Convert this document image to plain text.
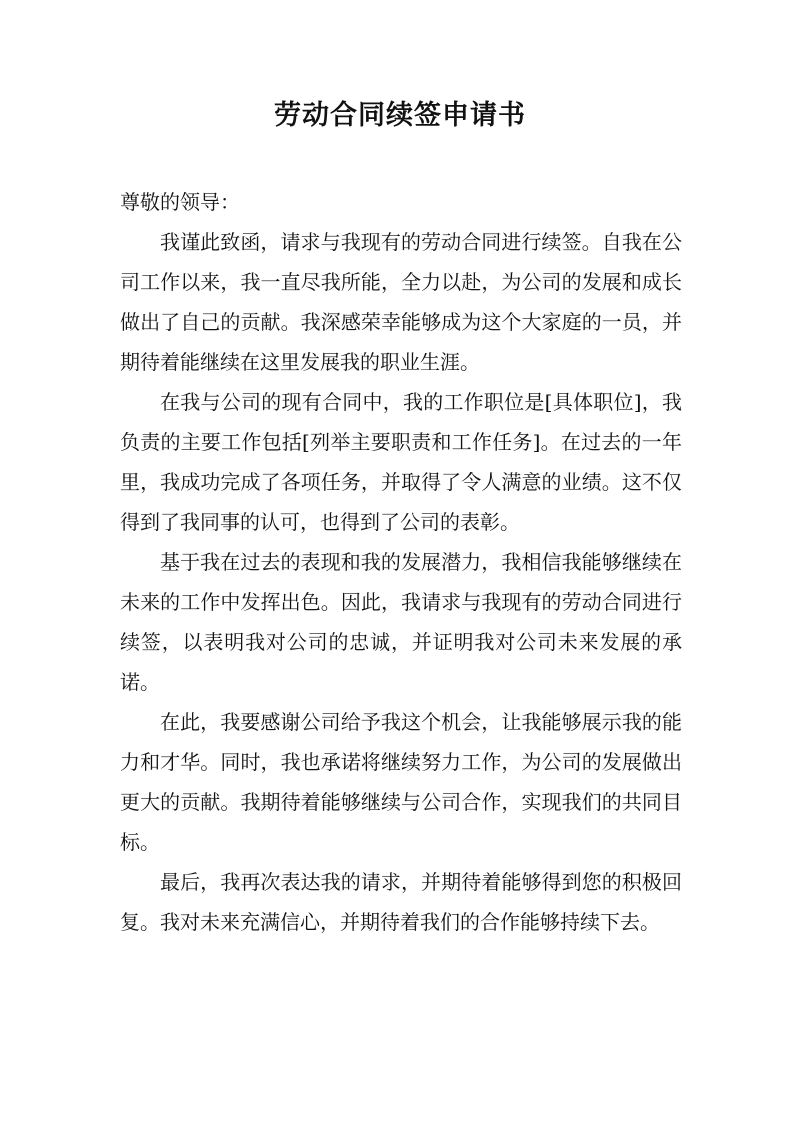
劳动合同续签申请书

尊敬的领导：

我谨此致函，请求与我现有的劳动合同进行续签。自我在公司工作以来，我一直尽我所能，全力以赴，为公司的发展和成长做出了自己的贡献。我深感荣幸能够成为这个大家庭的一员，并期待着能继续在这里发展我的职业生涯。

在我与公司的现有合同中，我的工作职位是[具体职位]，我负责的主要工作包括[列举主要职责和工作任务]。在过去的一年里，我成功完成了各项任务，并取得了令人满意的业绩。这不仅得到了我同事的认可，也得到了公司的表彰。

基于我在过去的表现和我的发展潜力，我相信我能够继续在未来的工作中发挥出色。因此，我请求与我现有的劳动合同进行续签，以表明我对公司的忠诚，并证明我对公司未来发展的承诺。

在此，我要感谢公司给予我这个机会，让我能够展示我的能力和才华。同时，我也承诺将继续努力工作，为公司的发展做出更大的贡献。我期待着能够继续与公司合作，实现我们的共同目标。

最后，我再次表达我的请求，并期待着能够得到您的积极回复。我对未来充满信心，并期待着我们的合作能够持续下去。
